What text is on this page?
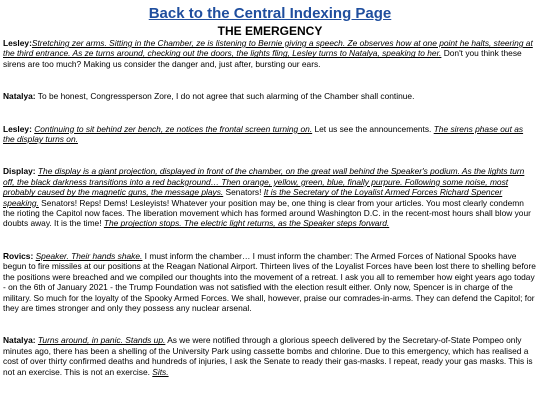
Back to the Central Indexing Page
THE EMERGENCY

Lesley:Stretching zer arms. Sitting in the Chamber, ze is listening to Bernie giving a speech. Ze observes how at one point he halts, steering at the third entrance. As ze turns around, checking out the doors, the lights fling, Lesley turns to Natalya, speaking to her. Don't you think these sirens are too much? Making us consider the danger and, just after, bursting our ears.

Natalya: To be honest, Congressperson Zore, I do not agree that such alarming of the Chamber shall continue.

Lesley: Continuing to sit behind zer bench, ze notices the frontal screen turning on. Let us see the announcements. The sirens phase out as the display turns on.

Display: The display is a giant projection, displayed in front of the chamber, on the great wall behind the Speaker's podium. As the lights turn off, the black darkness transitions into a red background… Then orange, yellow, green, blue, finally purpure. Following some noise, most probably caused by the magnetic guns, the message plays. Senators! It is the Secretary of the Loyalist Armed Forces Richard Spencer speaking. Senators! Reps! Dems! Lesleyists! Whatever your position may be, one thing is clear from your articles. You most clearly condemn the rioting the Capitol now faces. The liberation movement which has formed around Washington D.C. in the recent-most hours shall blow your doubts away. It is the time! The projection stops. The electric light returns, as the Speaker steps forward.

Rovics: Speaker. Their hands shake. I must inform the chamber… I must inform the chamber: The Armed Forces of National Spooks have begun to fire missiles at our positions at the Reagan National Airport. Thirteen lives of the Loyalist Forces have been lost there to shelling before the positions were breached and we compiled our thoughts into the movement of a retreat. I ask you all to remember how eight years ago today - on the 6th of January 2021 - the Trump Foundation was not satisfied with the election result either. Only now, Spencer is in charge of the military. So much for the loyalty of the Spooky Armed Forces. We shall, however, praise our comrades-in-arms. They can defend the Capitol; for they are times stronger and only they possess any nuclear arsenal.

Natalya: Turns around, in panic. Stands up. As we were notified through a glorious speech delivered by the Secretary-of-State Pompeo only minutes ago, there has been a shelling of the University Park using cassette bombs and chlorine. Due to this emergency, which has realised a cost of over thirty confirmed deaths and hundreds of injuries, I ask the Senate to ready their gas-masks. I repeat, ready your gas masks. This is not an exercise. This is not an exercise. Sits.
